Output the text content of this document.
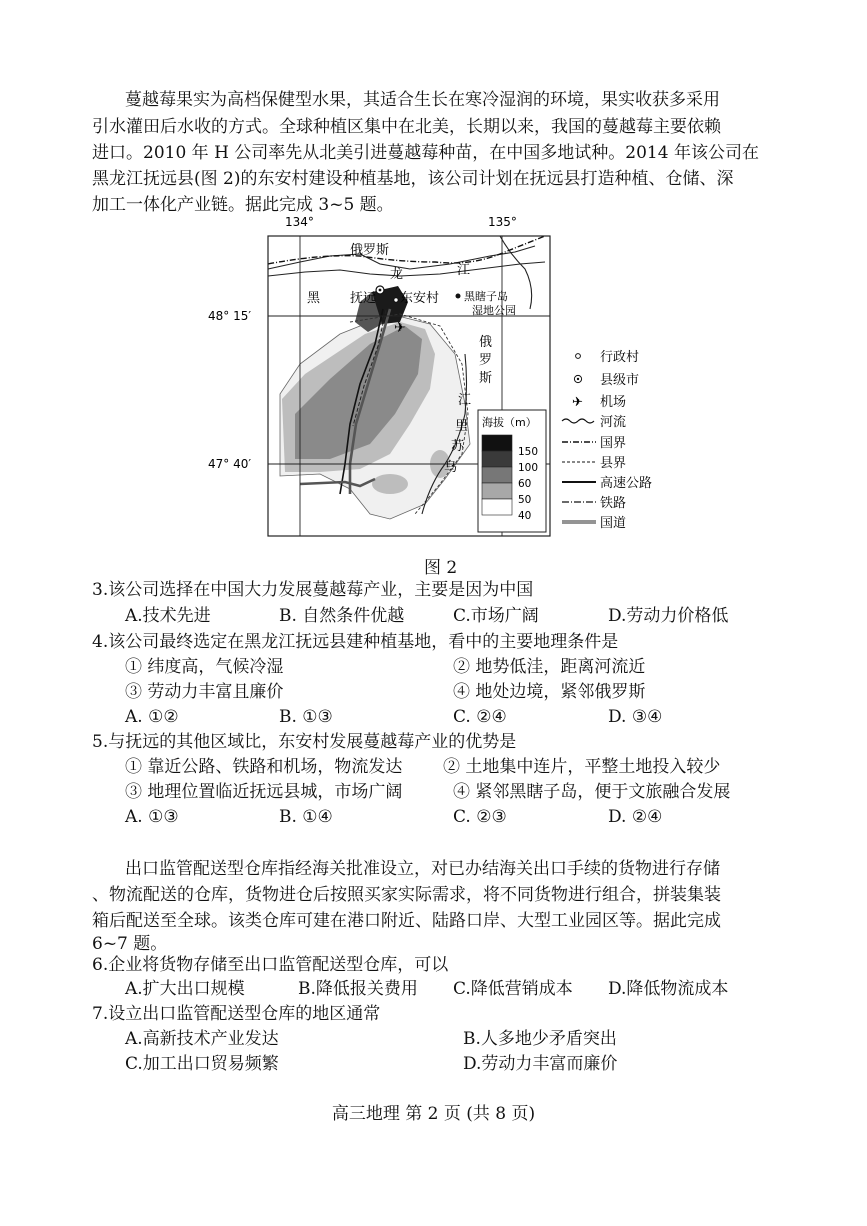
蔓越莓果实为高档保健型水果，其适合生长在寒冷湿润的环境，果实收获多采用
引水灌田后水收的方式。全球种植区集中在北美，长期以来，我国的蔓越莓主要依赖
进口。2010 年 H 公司率先从北美引进蔓越莓种苗，在中国多地试种。2014 年该公司在
黑龙江抚远县(图 2)的东安村建设种植基地，该公司计划在抚远县打造种植、仓储、深
加工一体化产业链。据此完成 3~5 题。
134°	135°
48° 15′
47° 40′
✈
俄罗斯
龙	江
黑 抚远 东安村 黑瞎子岛
湿地公园
俄
罗
斯
乌
苏
里
江
海拔（m）
150
100
60
50
40
行政村
县级市
✈ 机场
河流
国界
县界
高速公路
铁路
国道
图 2
3.该公司选择在中国大力发展蔓越莓产业，主要是因为中国
A.技术先进	B. 自然条件优越	C.市场广阔	D.劳动力价格低
4.该公司最终选定在黑龙江抚远县建种植基地，看中的主要地理条件是
① 纬度高，气候冷湿	② 地势低洼，距离河流近
③ 劳动力丰富且廉价	④ 地处边境，紧邻俄罗斯
A. ①②	B. ①③	C. ②④	D. ③④
5.与抚远的其他区域比，东安村发展蔓越莓产业的优势是
① 靠近公路、铁路和机场，物流发达 ② 土地集中连片，平整土地投入较少
③ 地理位置临近抚远县城，市场广阔	④ 紧邻黑瞎子岛，便于文旅融合发展
A. ①③	B. ①④	C. ②③	D. ②④
出口监管配送型仓库指经海关批准设立，对已办结海关出口手续的货物进行存储
、物流配送的仓库，货物进仓后按照买家实际需求，将不同货物进行组合，拼装集装
箱后配送至全球。该类仓库可建在港口附近、陆路口岸、大型工业园区等。据此完成
6~7 题。
6.企业将货物存储至出口监管配送型仓库，可以
A.扩大出口规模	B.降低报关费用 C.降低营销成本 D.降低物流成本
7.设立出口监管配送型仓库的地区通常
A.高新技术产业发达	B.人多地少矛盾突出
C.加工出口贸易频繁	D.劳动力丰富而廉价
高三地理 第 2 页 (共 8 页)
